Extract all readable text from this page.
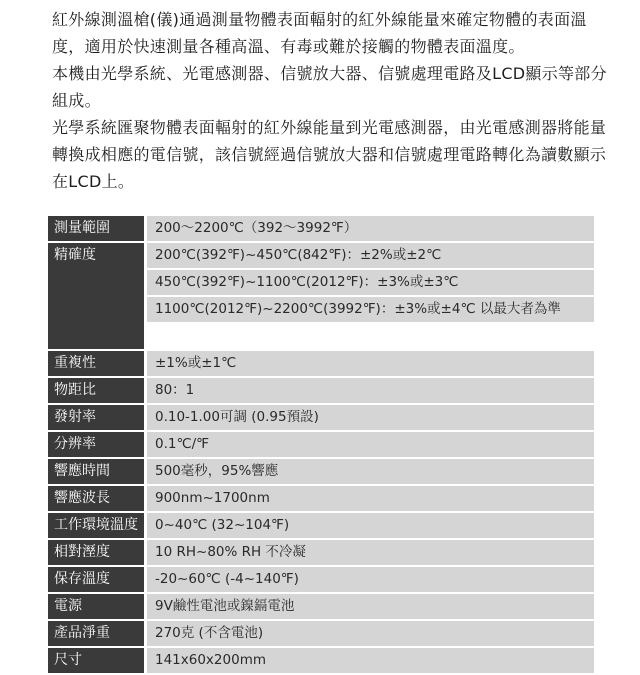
紅外線測溫槍(儀)通過測量物體表面輻射的紅外線能量來確定物體的表面溫度，適用於快速測量各種高溫、有毒或難於接觸的物體表面溫度。

本機由光學系統、光電感測器、信號放大器、信號處理電路及LCD顯示等部分組成。

光學系統匯聚物體表面輻射的紅外線能量到光電感測器，由光電感測器將能量轉換成相應的電信號，該信號經過信號放大器和信號處理電路轉化為讀數顯示在LCD上。

測量範圍	200～2200℃（392～3992℉）
精確度	200℃(392℉)~450℃(842℉)：±2%或±2℃
450℃(392℉)~1100℃(2012℉)：±3%或±3℃
1100℃(2012℉)~2200℃(3992℉)：±3%或±4℃ 以最大者為準
重複性	±1%或±1℃
物距比	80：1
發射率	0.10-1.00可調 (0.95預設)
分辨率	0.1℃/℉
響應時間	500毫秒，95%響應
響應波長	900nm~1700nm
工作環境溫度	0~40℃ (32~104℉)
相對溼度	10 RH~80% RH 不冷凝
保存溫度	-20~60℃ (-4~140℉)
電源	9V鹼性電池或鎳鎘電池
產品淨重	270克 (不含電池)
尺寸	141x60x200mm
